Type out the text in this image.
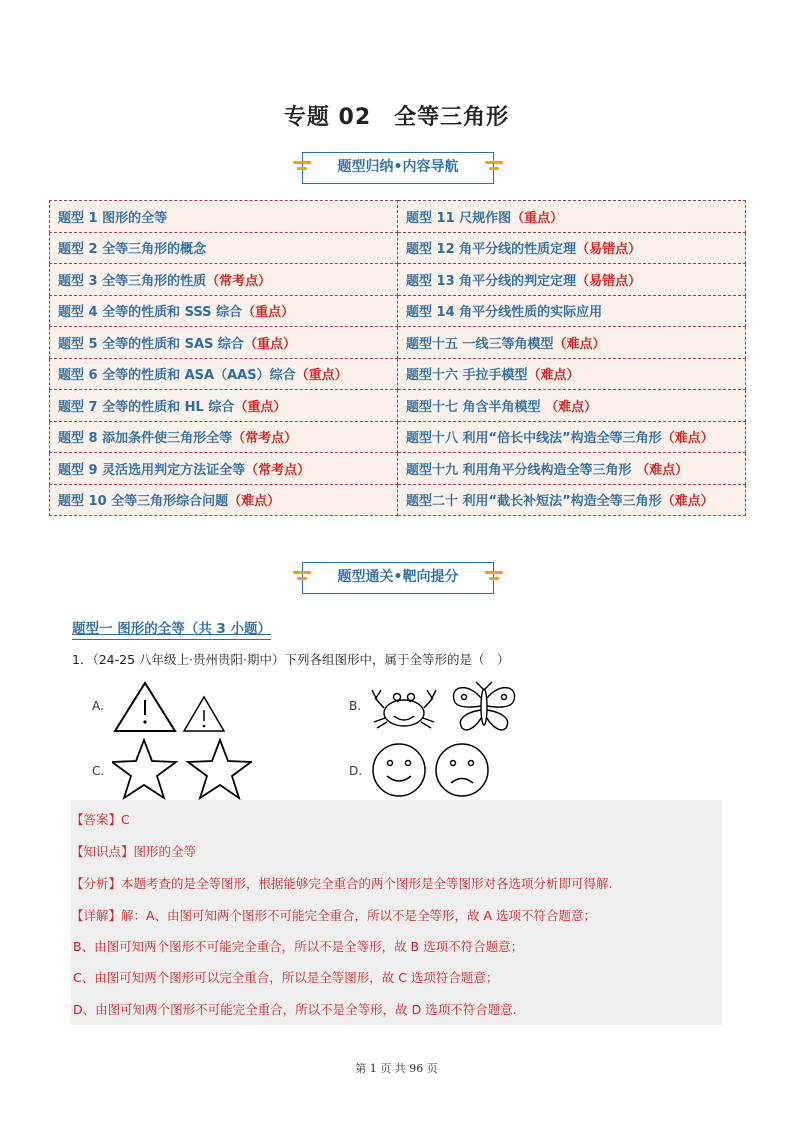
专题 02　全等三角形
题型归纳•内容导航
题型 1 图形的全等	题型 11 尺规作图（重点）
题型 2 全等三角形的概念	题型 12 角平分线的性质定理（易错点）
题型 3 全等三角形的性质（常考点）	题型 13 角平分线的判定定理（易错点）
题型 4 全等的性质和 SSS 综合（重点）	题型 14 角平分线性质的实际应用
题型 5 全等的性质和 SAS 综合（重点）	题型十五 一线三等角模型（难点）
题型 6 全等的性质和 ASA（AAS）综合（重点）	题型十六 手拉手模型（难点）
题型 7 全等的性质和 HL 综合（重点）	题型十七 角含半角模型 （难点）
题型 8 添加条件使三角形全等（常考点）	题型十八 利用“倍长中线法”构造全等三角形（难点）
题型 9 灵活选用判定方法证全等（常考点）	题型十九 利用角平分线构造全等三角形 （难点）
题型 10 全等三角形综合问题（难点）	题型二十 利用“截长补短法”构造全等三角形（难点）
题型通关•靶向提分
题型一 图形的全等（共 3 小题）
1．（24-25 八年级上·贵州贵阳·期中）下列各组图形中，属于全等形的是（　）
A.	B.
C.	D.

【答案】C

【知识点】图形的全等

【分析】本题考查的是全等图形，根据能够完全重合的两个图形是全等图形对各选项分析即可得解.

【详解】解：A、由图可知两个图形不可能完全重合，所以不是全等形，故 A 选项不符合题意；

B、由图可知两个图形不可能完全重合，所以不是全等形，故 B 选项不符合题意；

C、由图可知两个图形可以完全重合，所以是全等图形，故 C 选项符合题意；

D、由图可知两个图形不可能完全重合，所以不是全等形，故 D 选项不符合题意.

第 1 页 共 96 页
